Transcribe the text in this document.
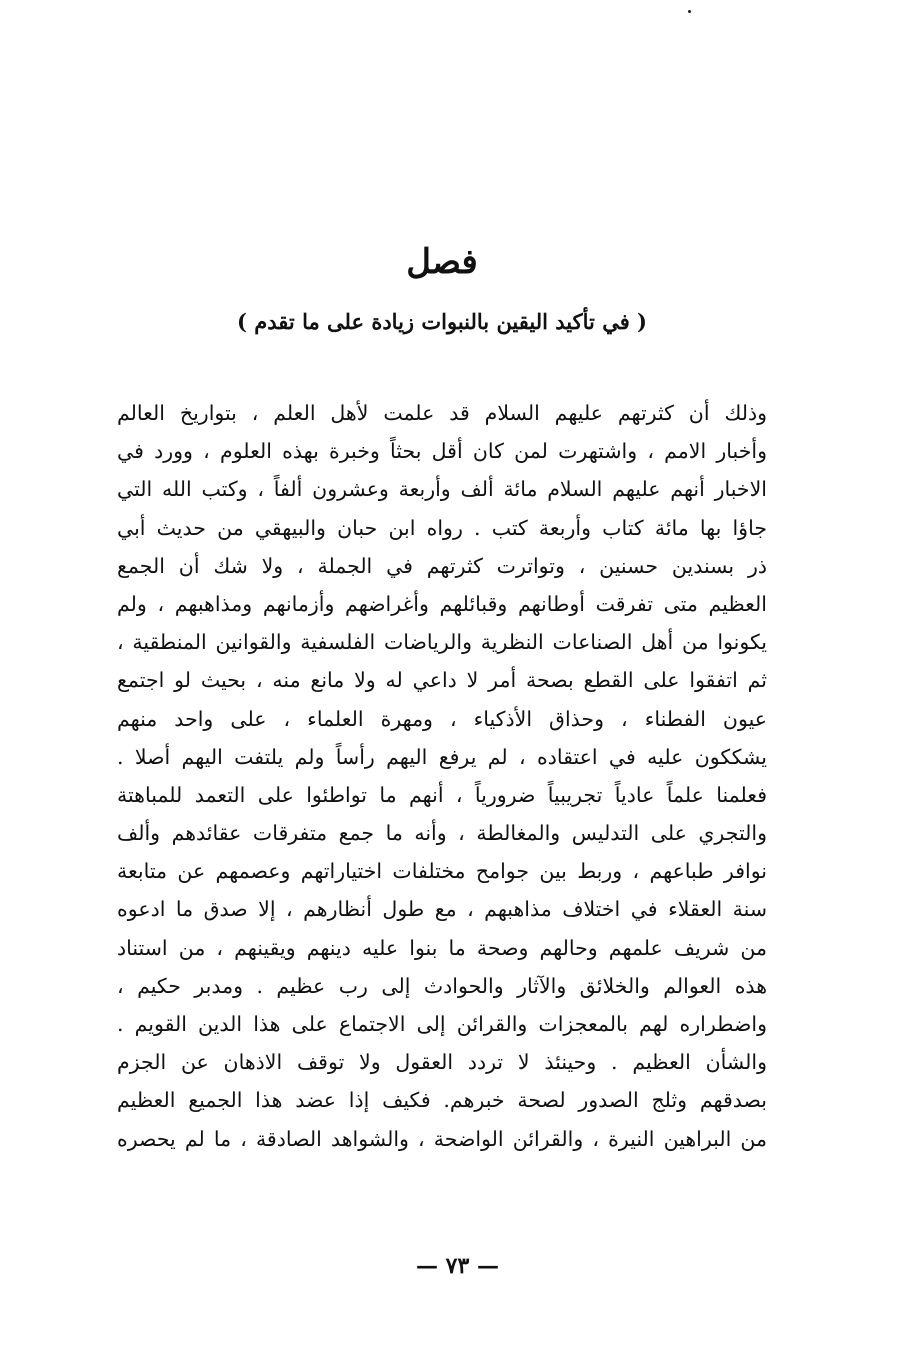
فصل
( في تأكيد اليقين بالنبوات زيادة على ما تقدم )
وذلك أن كثرتهم عليهم السلام قد علمت لأهل العلم ، بتواريخ العالم
وأخبار الامم ، واشتهرت لمن كان أقل بحثاً وخبرة بهذه العلوم ، وورد في
الاخبار أنهم عليهم السلام مائة ألف وأربعة وعشرون ألفاً ، وكتب الله التي
جاؤا بها مائة كتاب وأربعة كتب . رواه ابن حبان والبيهقي من حديث أبي
ذر بسندين حسنين ، وتواترت كثرتهم في الجملة ، ولا شك أن الجمع
العظيم متى تفرقت أوطانهم وقبائلهم وأغراضهم وأزمانهم ومذاهبهم ، ولم
يكونوا من أهل الصناعات النظرية والرياضات الفلسفية والقوانين المنطقية ،
ثم اتفقوا على القطع بصحة أمر لا داعي له ولا مانع منه ، بحيث لو اجتمع
عيون الفطناء ، وحذاق الأذكياء ، ومهرة العلماء ، على واحد منهم
يشككون عليه في اعتقاده ، لم يرفع اليهم رأساً ولم يلتفت اليهم أصلا .
فعلمنا علماً عادياً تجريبياً ضرورياً ، أنهم ما تواطئوا على التعمد للمباهتة
والتجري على التدليس والمغالطة ، وأنه ما جمع متفرقات عقائدهم وألف
نوافر طباعهم ، وربط بين جوامح مختلفات اختياراتهم وعصمهم عن متابعة
سنة العقلاء في اختلاف مذاهبهم ، مع طول أنظارهم ، إلا صدق ما ادعوه
من شريف علمهم وحالهم وصحة ما بنوا عليه دينهم ويقينهم ، من استناد
هذه العوالم والخلائق والآثار والحوادث إلى رب عظيم . ومدبر حكيم ،
واضطراره لهم بالمعجزات والقرائن إلى الاجتماع على هذا الدين القويم .
والشأن العظيم . وحينئذ لا تردد العقول ولا توقف الاذهان عن الجزم
بصدقهم وثلج الصدور لصحة خبرهم. فكيف إذا عضد هذا الجميع العظيم
من البراهين النيرة ، والقرائن الواضحة ، والشواهد الصادقة ، ما لم يحصره
— ٧٣ —
